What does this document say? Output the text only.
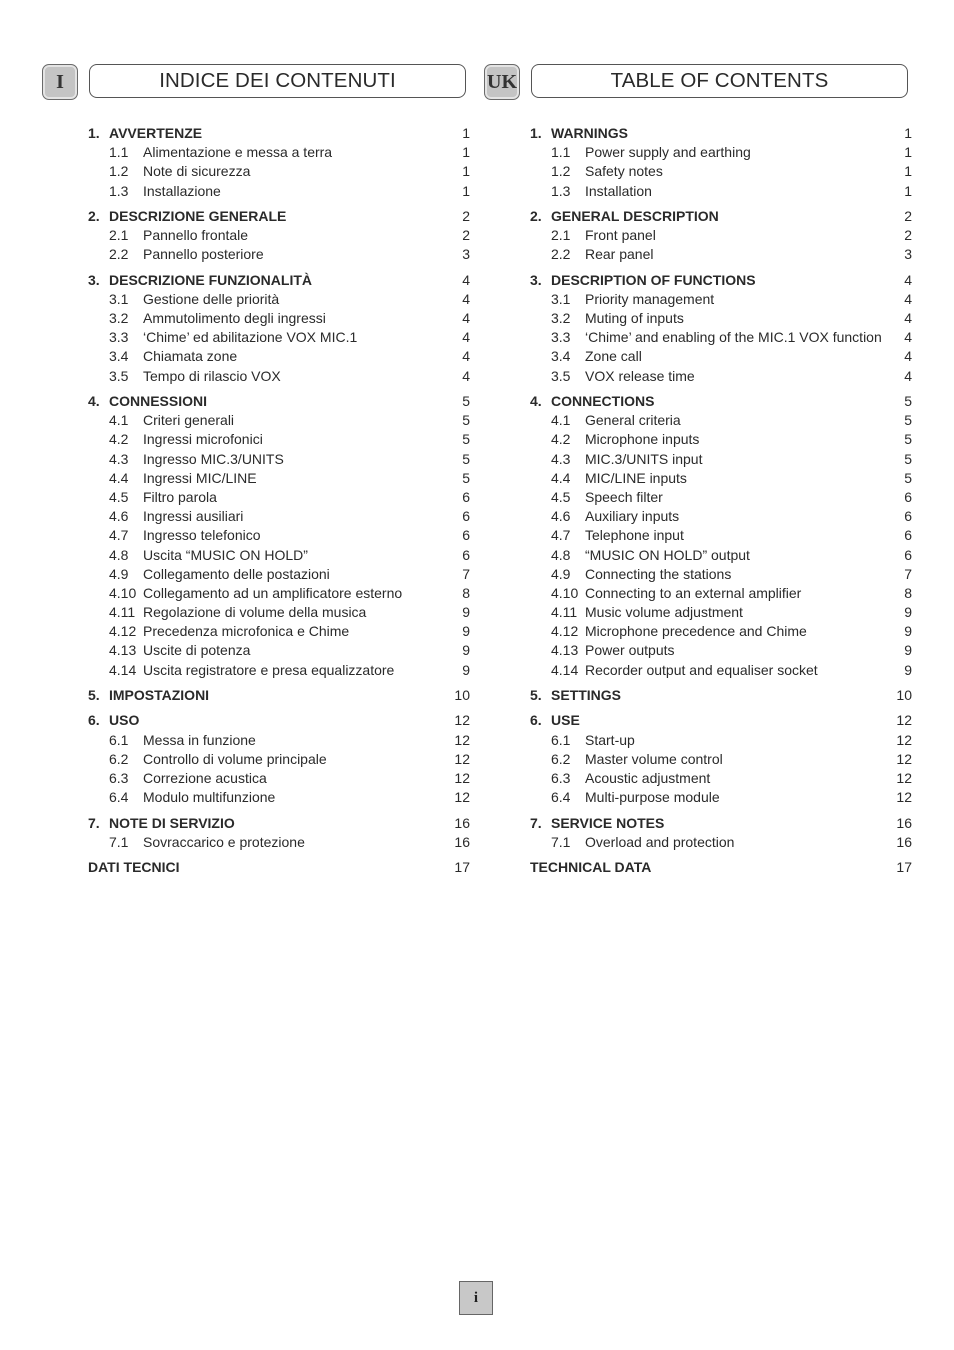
I	INDICE DEI CONTENUTI
1. AVVERTENZE	1
1.1 Alimentazione e messa a terra	1
1.2 Note di sicurezza	1
1.3 Installazione	1
2. DESCRIZIONE GENERALE	2
2.1 Pannello frontale	2
2.2 Pannello posteriore	3
3. DESCRIZIONE FUNZIONALITÀ	4
3.1 Gestione delle priorità	4
3.2 Ammutolimento degli ingressi	4
3.3 ‘Chime’ ed abilitazione VOX MIC.1	4
3.4 Chiamata zone	4
3.5 Tempo di rilascio VOX	4
4. CONNESSIONI	5
4.1 Criteri generali	5
4.2 Ingressi microfonici	5
4.3 Ingresso MIC.3/UNITS	5
4.4 Ingressi MIC/LINE	5
4.5 Filtro parola	6
4.6 Ingressi ausiliari	6
4.7 Ingresso telefonico	6
4.8 Uscita “MUSIC ON HOLD”	6
4.9 Collegamento delle postazioni	7
4.10 Collegamento ad un amplificatore esterno	8
4.11 Regolazione di volume della musica	9
4.12 Precedenza microfonica e Chime	9
4.13 Uscite di potenza	9
4.14 Uscita registratore e presa equalizzatore	9
5. IMPOSTAZIONI	10
6. USO	12
6.1 Messa in funzione	12
6.2 Controllo di volume principale	12
6.3 Correzione acustica	12
6.4 Modulo multifunzione	12
7. NOTE DI SERVIZIO	16
7.1 Sovraccarico e protezione	16
DATI TECNICI	17
UK	TABLE OF CONTENTS
1. WARNINGS	1
1.1 Power supply and earthing	1
1.2 Safety notes	1
1.3 Installation	1
2. GENERAL DESCRIPTION	2
2.1 Front panel	2
2.2 Rear panel	3
3. DESCRIPTION OF FUNCTIONS	4
3.1 Priority management	4
3.2 Muting of inputs	4
3.3 ‘Chime’ and enabling of the MIC.1 VOX function 4
3.4 Zone call	4
3.5 VOX release time	4
4. CONNECTIONS	5
4.1 General criteria	5
4.2 Microphone inputs	5
4.3 MIC.3/UNITS input	5
4.4 MIC/LINE inputs	5
4.5 Speech filter	6
4.6 Auxiliary inputs	6
4.7 Telephone input	6
4.8 “MUSIC ON HOLD” output	6
4.9 Connecting the stations	7
4.10 Connecting to an external amplifier	8
4.11 Music volume adjustment	9
4.12 Microphone precedence and Chime	9
4.13 Power outputs	9
4.14 Recorder output and equaliser socket	9
5. SETTINGS	10
6. USE	12
6.1 Start-up	12
6.2 Master volume control	12
6.3 Acoustic adjustment	12
6.4 Multi-purpose module	12
7. SERVICE NOTES	16
7.1 Overload and protection	16
TECHNICAL DATA	17
i
